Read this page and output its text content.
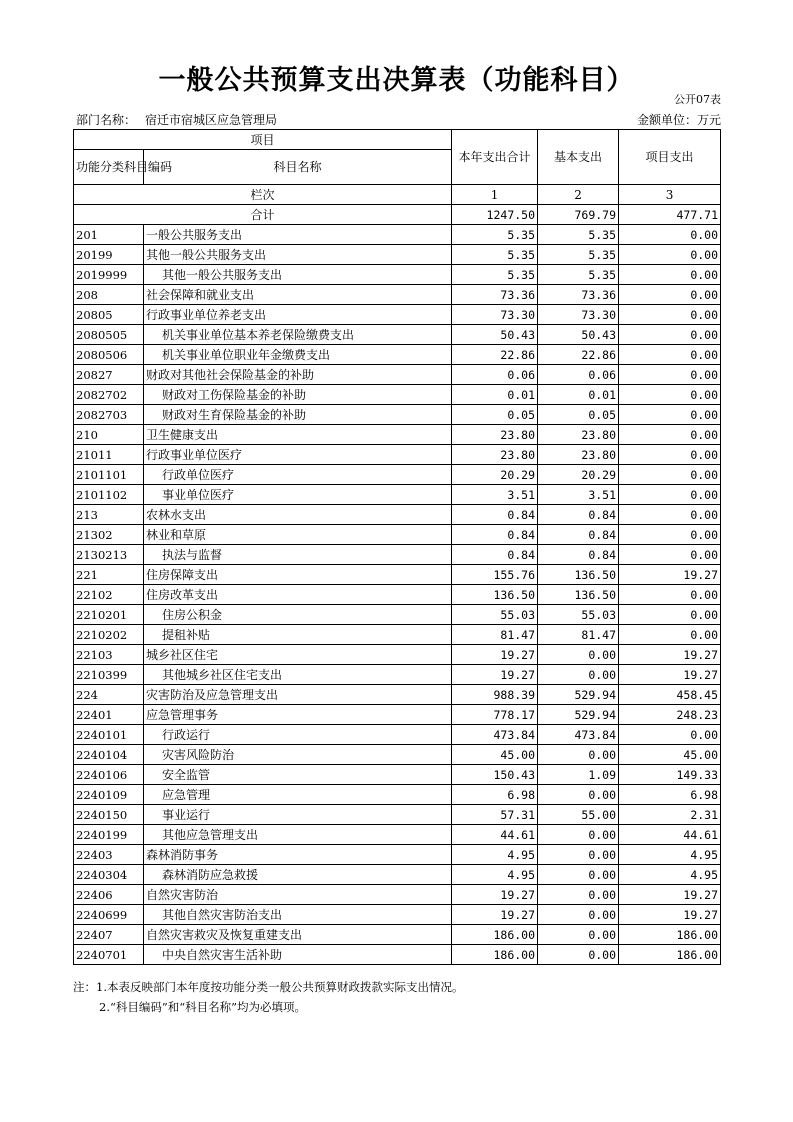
一般公共预算支出决算表（功能科目）
公开07表
部门名称： 宿迁市宿城区应急管理局	金额单位：万元
项目		本年支出合计	基本支出	项目支出
功能分类科目编码	科目名称			

栏次		1	2	3
合计		1247.50	769.79	477.71
201	一般公共服务支出	5.35	5.35	0.00
20199	其他一般公共服务支出	5.35	5.35	0.00
2019999	其他一般公共服务支出	5.35	5.35	0.00
208	社会保障和就业支出	73.36	73.36	0.00
20805	行政事业单位养老支出	73.30	73.30	0.00
2080505	机关事业单位基本养老保险缴费支出	50.43	50.43	0.00
2080506	机关事业单位职业年金缴费支出	22.86	22.86	0.00
20827	财政对其他社会保险基金的补助	0.06	0.06	0.00
2082702	财政对工伤保险基金的补助	0.01	0.01	0.00
2082703	财政对生育保险基金的补助	0.05	0.05	0.00
210	卫生健康支出	23.80	23.80	0.00
21011	行政事业单位医疗	23.80	23.80	0.00
2101101	行政单位医疗	20.29	20.29	0.00
2101102	事业单位医疗	3.51	3.51	0.00
213	农林水支出	0.84	0.84	0.00
21302	林业和草原	0.84	0.84	0.00
2130213	执法与监督	0.84	0.84	0.00
221	住房保障支出	155.76	136.50	19.27
22102	住房改革支出	136.50	136.50	0.00
2210201	住房公积金	55.03	55.03	0.00
2210202	提租补贴	81.47	81.47	0.00
22103	城乡社区住宅	19.27	0.00	19.27
2210399	其他城乡社区住宅支出	19.27	0.00	19.27
224	灾害防治及应急管理支出	988.39	529.94	458.45
22401	应急管理事务	778.17	529.94	248.23
2240101	行政运行	473.84	473.84	0.00
2240104	灾害风险防治	45.00	0.00	45.00
2240106	安全监管	150.43	1.09	149.33
2240109	应急管理	6.98	0.00	6.98
2240150	事业运行	57.31	55.00	2.31
2240199	其他应急管理支出	44.61	0.00	44.61
22403	森林消防事务	4.95	0.00	4.95
2240304	森林消防应急救援	4.95	0.00	4.95
22406	自然灾害防治	19.27	0.00	19.27
2240699	其他自然灾害防治支出	19.27	0.00	19.27
22407	自然灾害救灾及恢复重建支出	186.00	0.00	186.00
2240701	中央自然灾害生活补助	186.00	0.00	186.00
注：1.本表反映部门本年度按功能分类一般公共预算财政拨款实际支出情况。
2.“科目编码”和“科目名称”均为必填项。
